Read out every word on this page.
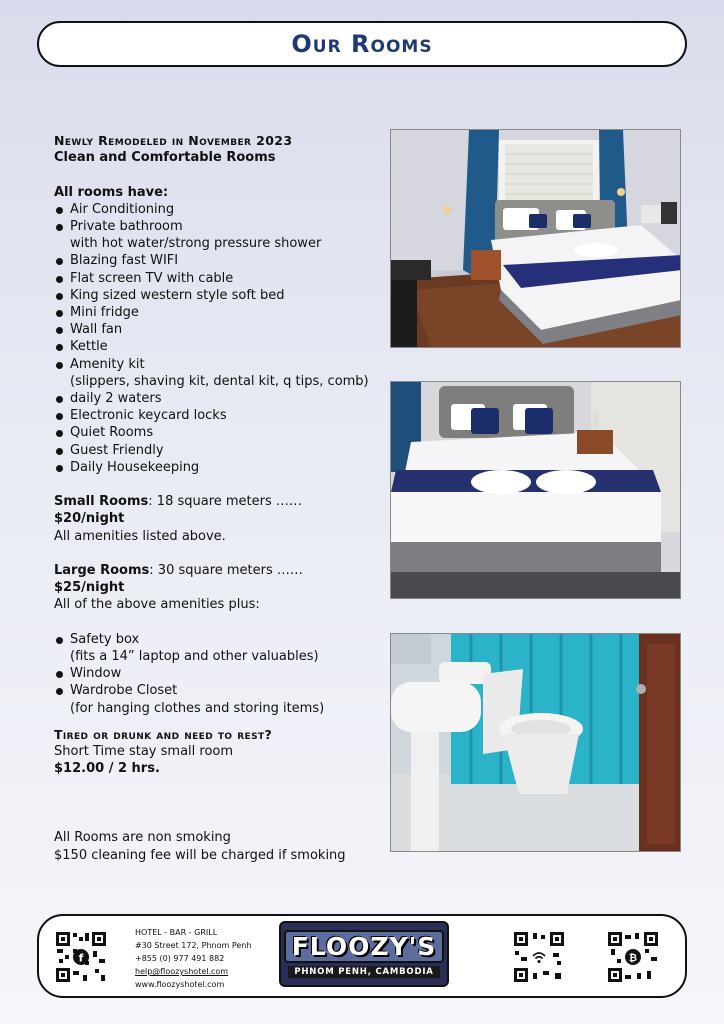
Our Rooms
Newly Remodeled in November 2023
Clean and Comfortable Rooms
All rooms have:
Air Conditioning
Private bathroom
with hot water/strong pressure shower
Blazing fast WIFI
Flat screen TV with cable
King sized western style soft bed
Mini fridge
Wall fan
Kettle
Amenity kit
(slippers, shaving kit, dental kit, q tips, comb)
daily 2 waters
Electronic keycard locks
Quiet Rooms
Guest Friendly
Daily Housekeeping
Small Rooms: 18 square meters …… $20/night
All amenities listed above.
Large Rooms: 30 square meters …… $25/night
All of the above amenities plus:
Safety box
(fits a 14” laptop and other valuables)
Window
Wardrobe Closet
(for hanging clothes and storing items)
Tired or drunk and need to rest?
Short Time stay small room
$12.00 / 2 hrs.
All Rooms are non smoking
$150 cleaning fee will be charged if smoking
f
HOTEL - BAR - GRILL
#30 Street 172, Phnom Penh
+855 (0) 977 491 882
help@floozyshotel.com
www.floozyshotel.com
FLOOZY'S
PHNOM PENH, CAMBODIA
₿
